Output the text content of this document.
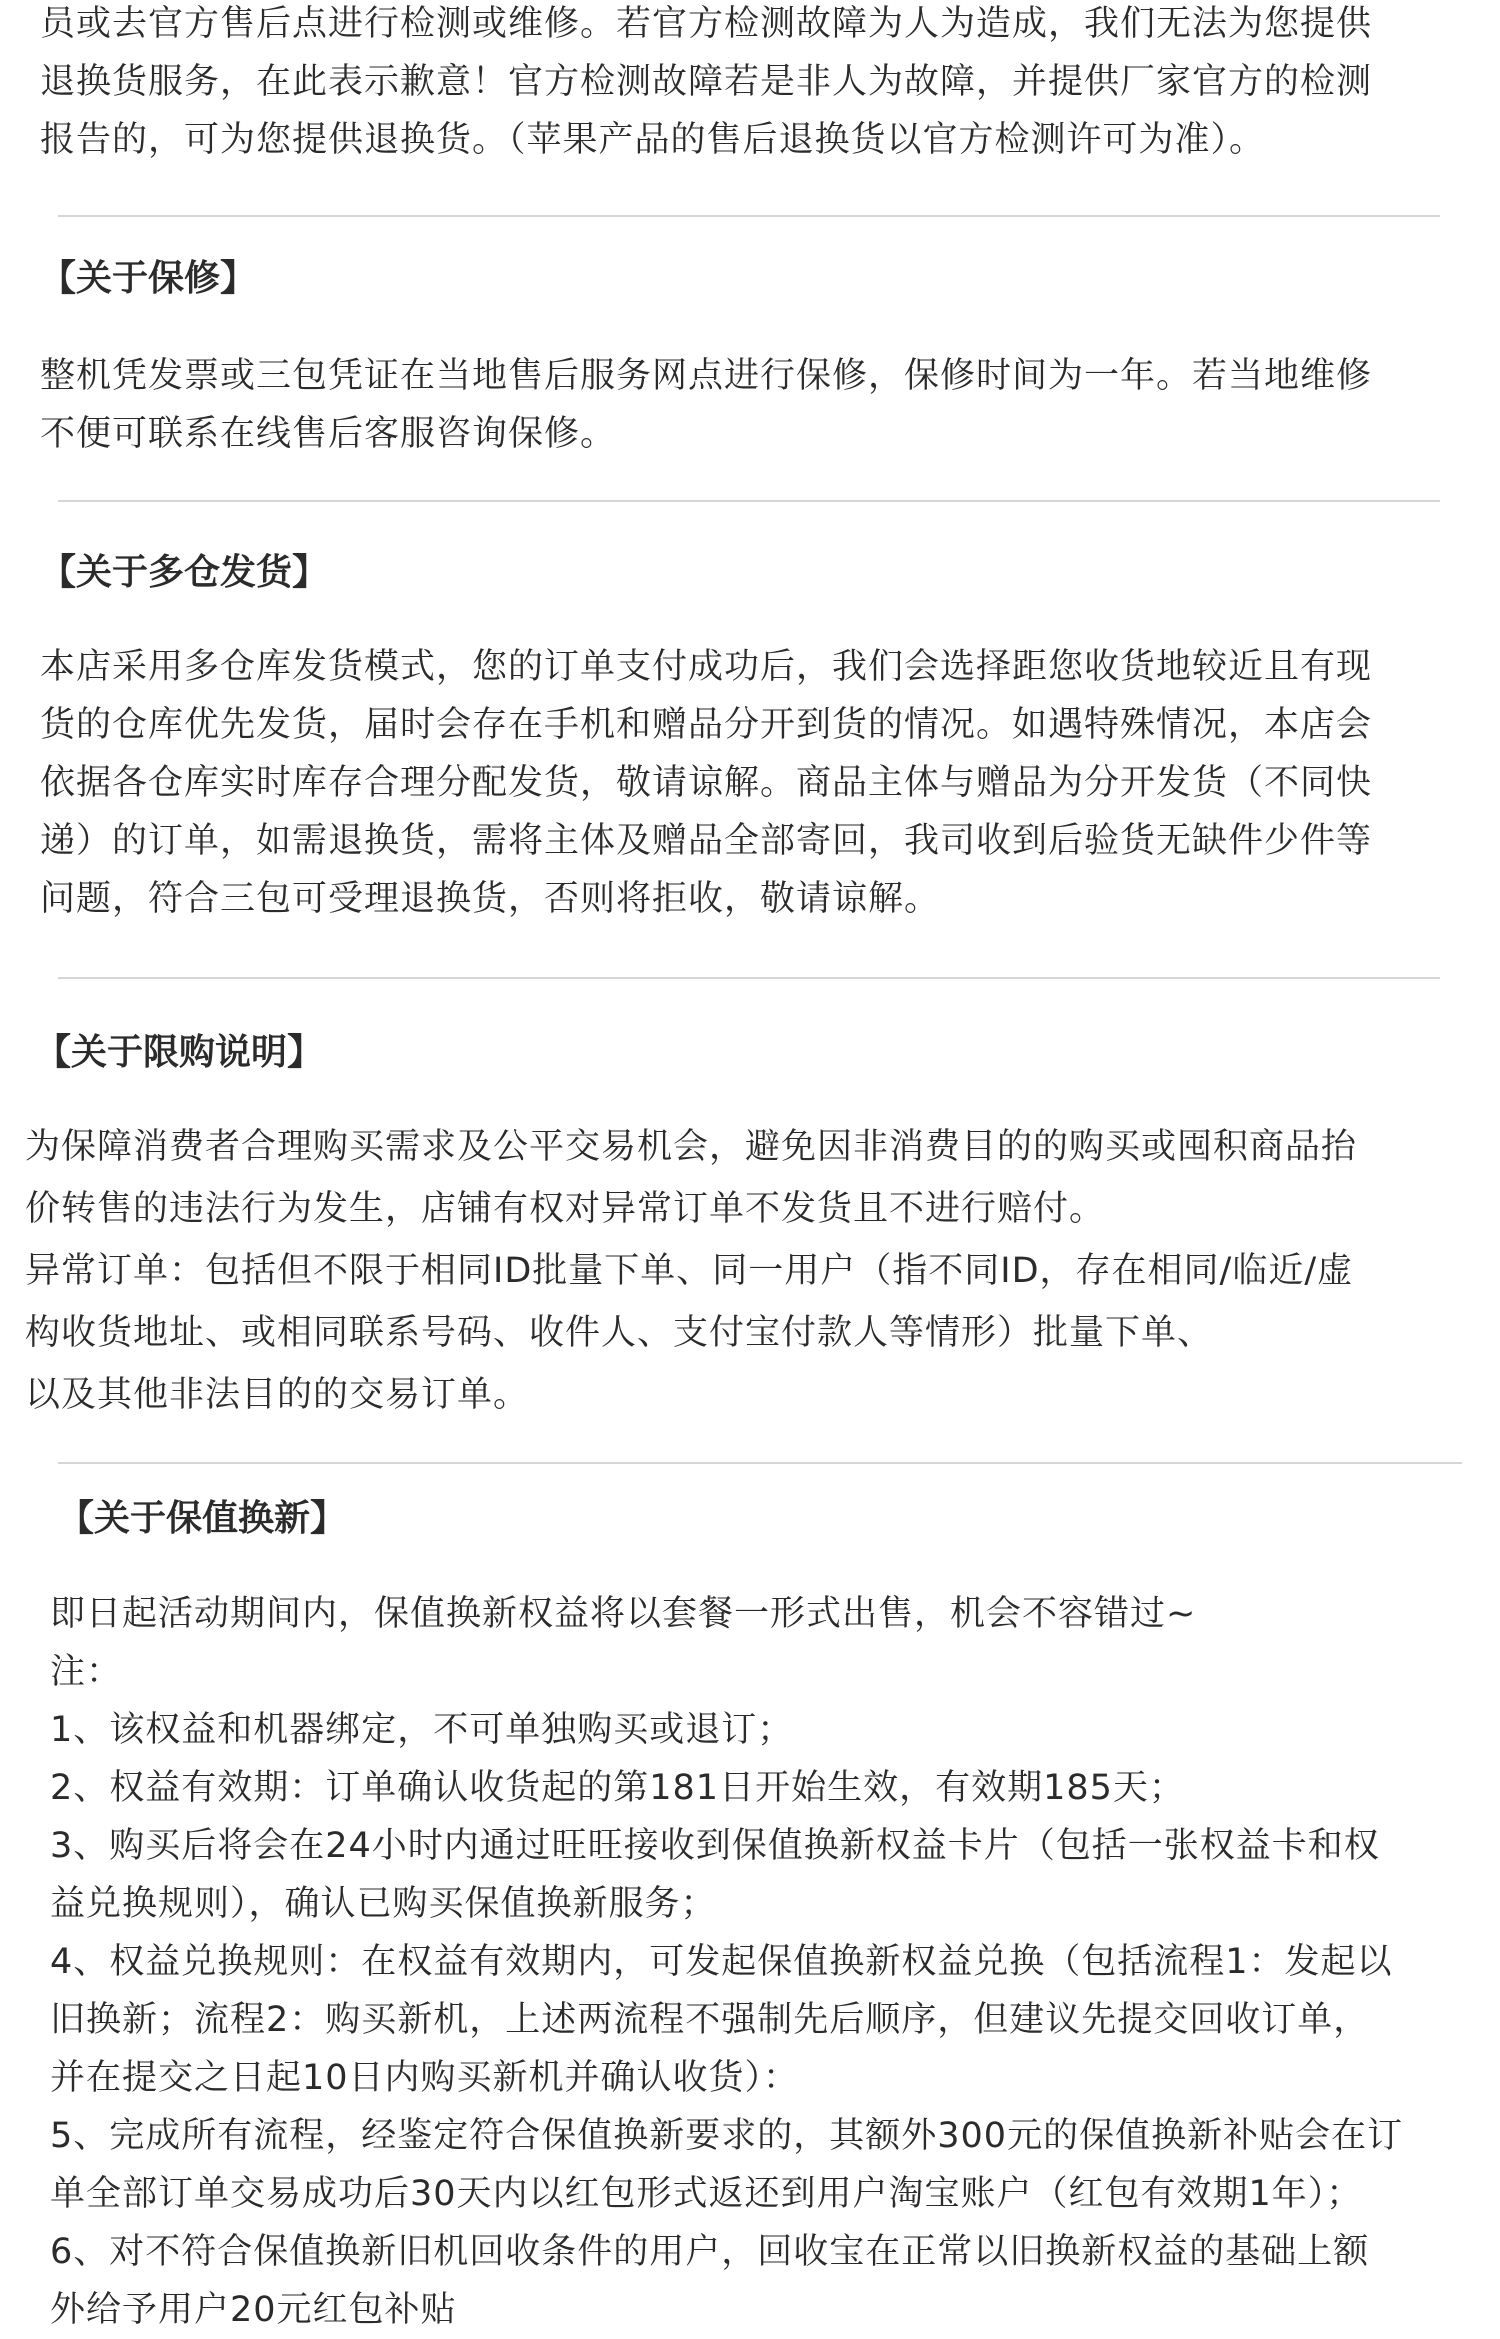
员或去官方售后点进行检测或维修。若官方检测故障为人为造成，我们无法为您提供
退换货服务，在此表示歉意！官方检测故障若是非人为故障，并提供厂家官方的检测
报告的，可为您提供退换货。（苹果产品的售后退换货以官方检测许可为准）。

【关于保修】

整机凭发票或三包凭证在当地售后服务网点进行保修，保修时间为一年。若当地维修
不便可联系在线售后客服咨询保修。

【关于多仓发货】

本店采用多仓库发货模式，您的订单支付成功后，我们会选择距您收货地较近且有现
货的仓库优先发货，届时会存在手机和赠品分开到货的情况。如遇特殊情况，本店会
依据各仓库实时库存合理分配发货，敬请谅解。商品主体与赠品为分开发货（不同快
递）的订单，如需退换货，需将主体及赠品全部寄回，我司收到后验货无缺件少件等
问题，符合三包可受理退换货，否则将拒收，敬请谅解。

【关于限购说明】

为保障消费者合理购买需求及公平交易机会，避免因非消费目的的购买或囤积商品抬
价转售的违法行为发生，店铺有权对异常订单不发货且不进行赔付。
异常订单：包括但不限于相同ID批量下单、同一用户（指不同ID，存在相同/临近/虚
构收货地址、或相同联系号码、收件人、支付宝付款人等情形）批量下单、
以及其他非法目的的交易订单。

【关于保值换新】

即日起活动期间内，保值换新权益将以套餐一形式出售，机会不容错过~
注：
1、该权益和机器绑定，不可单独购买或退订；
2、权益有效期：订单确认收货起的第181日开始生效，有效期185天；
3、购买后将会在24小时内通过旺旺接收到保值换新权益卡片（包括一张权益卡和权
益兑换规则），确认已购买保值换新服务；
4、权益兑换规则：在权益有效期内，可发起保值换新权益兑换（包括流程1：发起以
旧换新；流程2：购买新机，上述两流程不强制先后顺序，但建议先提交回收订单，
并在提交之日起10日内购买新机并确认收货）：
5、完成所有流程，经鉴定符合保值换新要求的，其额外300元的保值换新补贴会在订
单全部订单交易成功后30天内以红包形式返还到用户淘宝账户（红包有效期1年）；
6、对不符合保值换新旧机回收条件的用户，回收宝在正常以旧换新权益的基础上额
外给予用户20元红包补贴
